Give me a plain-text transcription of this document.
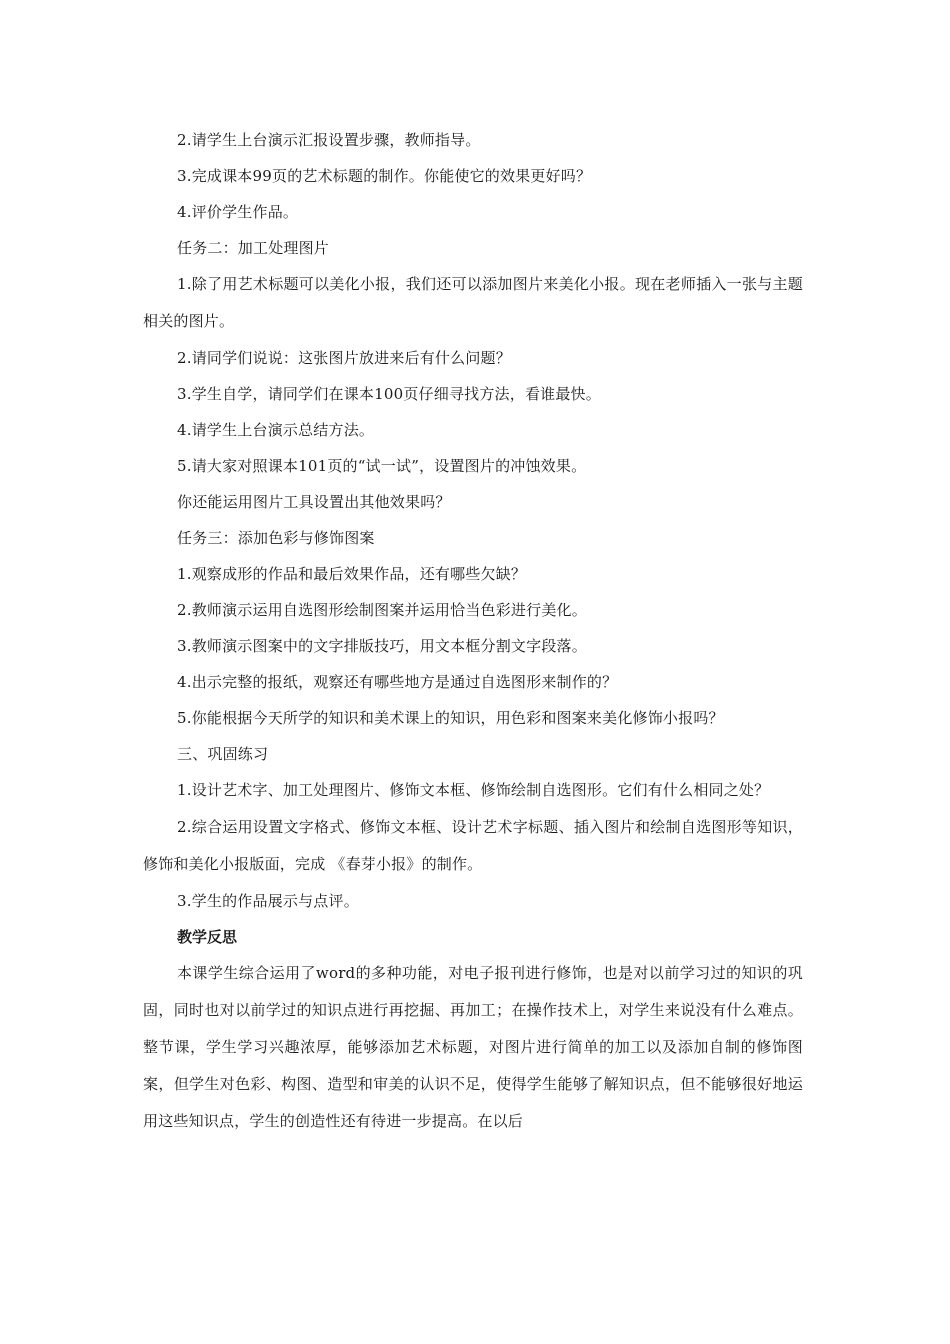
2.请学生上台演示汇报设置步骤，教师指导。

3.完成课本99页的艺术标题的制作。你能使它的效果更好吗？

4.评价学生作品。

任务二：加工处理图片

1.除了用艺术标题可以美化小报，我们还可以添加图片来美化小报。现在老师插入一张与主题相关的图片。

2.请同学们说说：这张图片放进来后有什么问题？

3.学生自学，请同学们在课本100页仔细寻找方法，看谁最快。

4.请学生上台演示总结方法。

5.请大家对照课本101页的“试一试”，设置图片的冲蚀效果。

你还能运用图片工具设置出其他效果吗？

任务三：添加色彩与修饰图案

1.观察成形的作品和最后效果作品，还有哪些欠缺？

2.教师演示运用自选图形绘制图案并运用恰当色彩进行美化。

3.教师演示图案中的文字排版技巧，用文本框分割文字段落。

4.出示完整的报纸，观察还有哪些地方是通过自选图形来制作的？

5.你能根据今天所学的知识和美术课上的知识，用色彩和图案来美化修饰小报吗？

三、巩固练习

1.设计艺术字、加工处理图片、修饰文本框、修饰绘制自选图形。它们有什么相同之处？

2.综合运用设置文字格式、修饰文本框、设计艺术字标题、插入图片和绘制自选图形等知识，修饰和美化小报版面，完成 《春芽小报》的制作。

3.学生的作品展示与点评。

教学反思

本课学生综合运用了word的多种功能，对电子报刊进行修饰，也是对以前学习过的知识的巩固，同时也对以前学过的知识点进行再挖掘、再加工；在操作技术上，对学生来说没有什么难点。整节课，学生学习兴趣浓厚，能够添加艺术标题，对图片进行简单的加工以及添加自制的修饰图案，但学生对色彩、构图、造型和审美的认识不足，使得学生能够了解知识点，但不能够很好地运用这些知识点，学生的创造性还有待进一步提高。在以后
